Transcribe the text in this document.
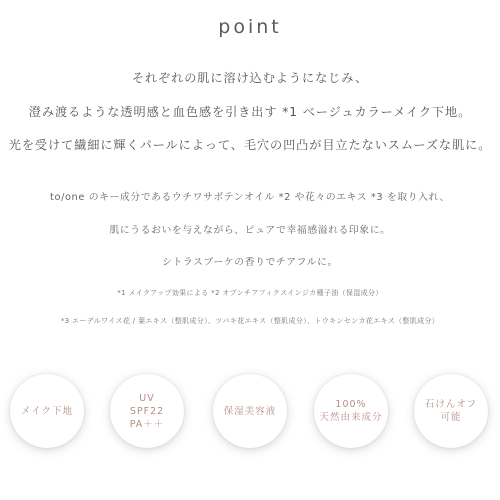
point
それぞれの肌に溶け込むようになじみ、
澄み渡るような透明感と血色感を引き出す *1 ベージュカラーメイク下地。
光を受けて繊細に輝くパールによって、毛穴の凹凸が目立たないスムーズな肌に。
to/one のキー成分であるウチワサボテンオイル *2 や花々のエキス *3 を取り入れ、
肌にうるおいを与えながら、ピュアで幸福感溢れる印象に。
シトラスブーケの香りでチアフルに。
*1 メイクアップ効果による *2 オプンチアフィクスインジカ種子油（保湿成分）
*3 エーデルワイス花 / 葉エキス（整肌成分）、ツバキ花エキス（整肌成分）、トウキンセンカ花エキス（整肌成分）
メイク下地
UV
SPF22
PA＋＋
保湿美容液
100%
天然由来成分
石けんオフ
可能
